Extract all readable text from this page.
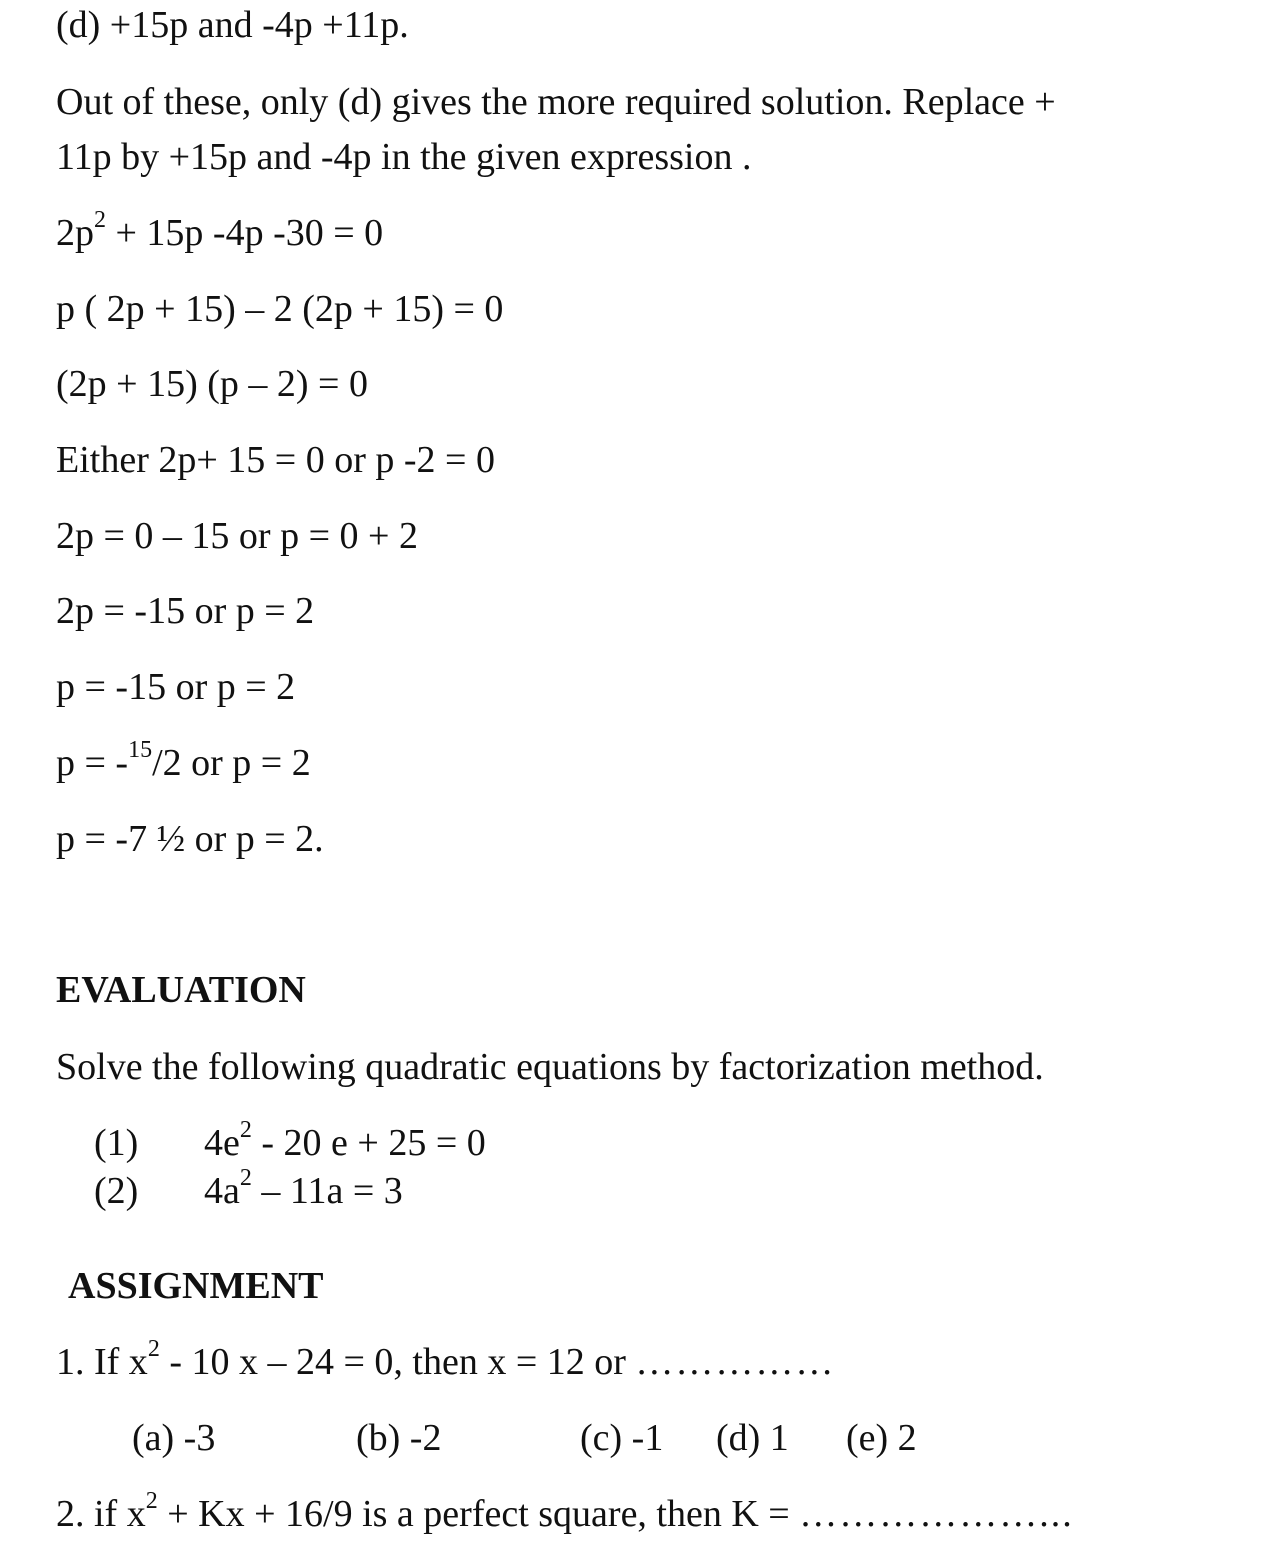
(d) +15p and -4p +11p.
Out of these, only (d) gives the more required solution. Replace +
11p by +15p and -4p in the given expression .
$2p^2 + 15p$ -4p -30 = 0
p ( 2p + 15) – 2 (2p + 15) = 0
(2p + 15) (p – 2) = 0
Either 2p+ 15 = 0 or p -2 = 0
2p = 0 – 15 or p = 0 + 2
2p = -15 or p = 2
p = -15 or p = 2
p = -$^{15}$/2 or p = 2
p = -7 ½ or p = 2.
EVALUATION
Solve the following quadratic equations by factorization method.
(1) $4e^2 - 20$ e + 25 = 0
(2) $4a^2 - 11a = 3$
ASSIGNMENT
1. If $x^2 - 10$ x – 24 = 0, then x = 12 or ……………
(a) -3	(b) -2	(c) -1 (d) 1 (e) 2
2. if $x^2 + Kx + 16/9$ is a perfect square, then K = ………………...
